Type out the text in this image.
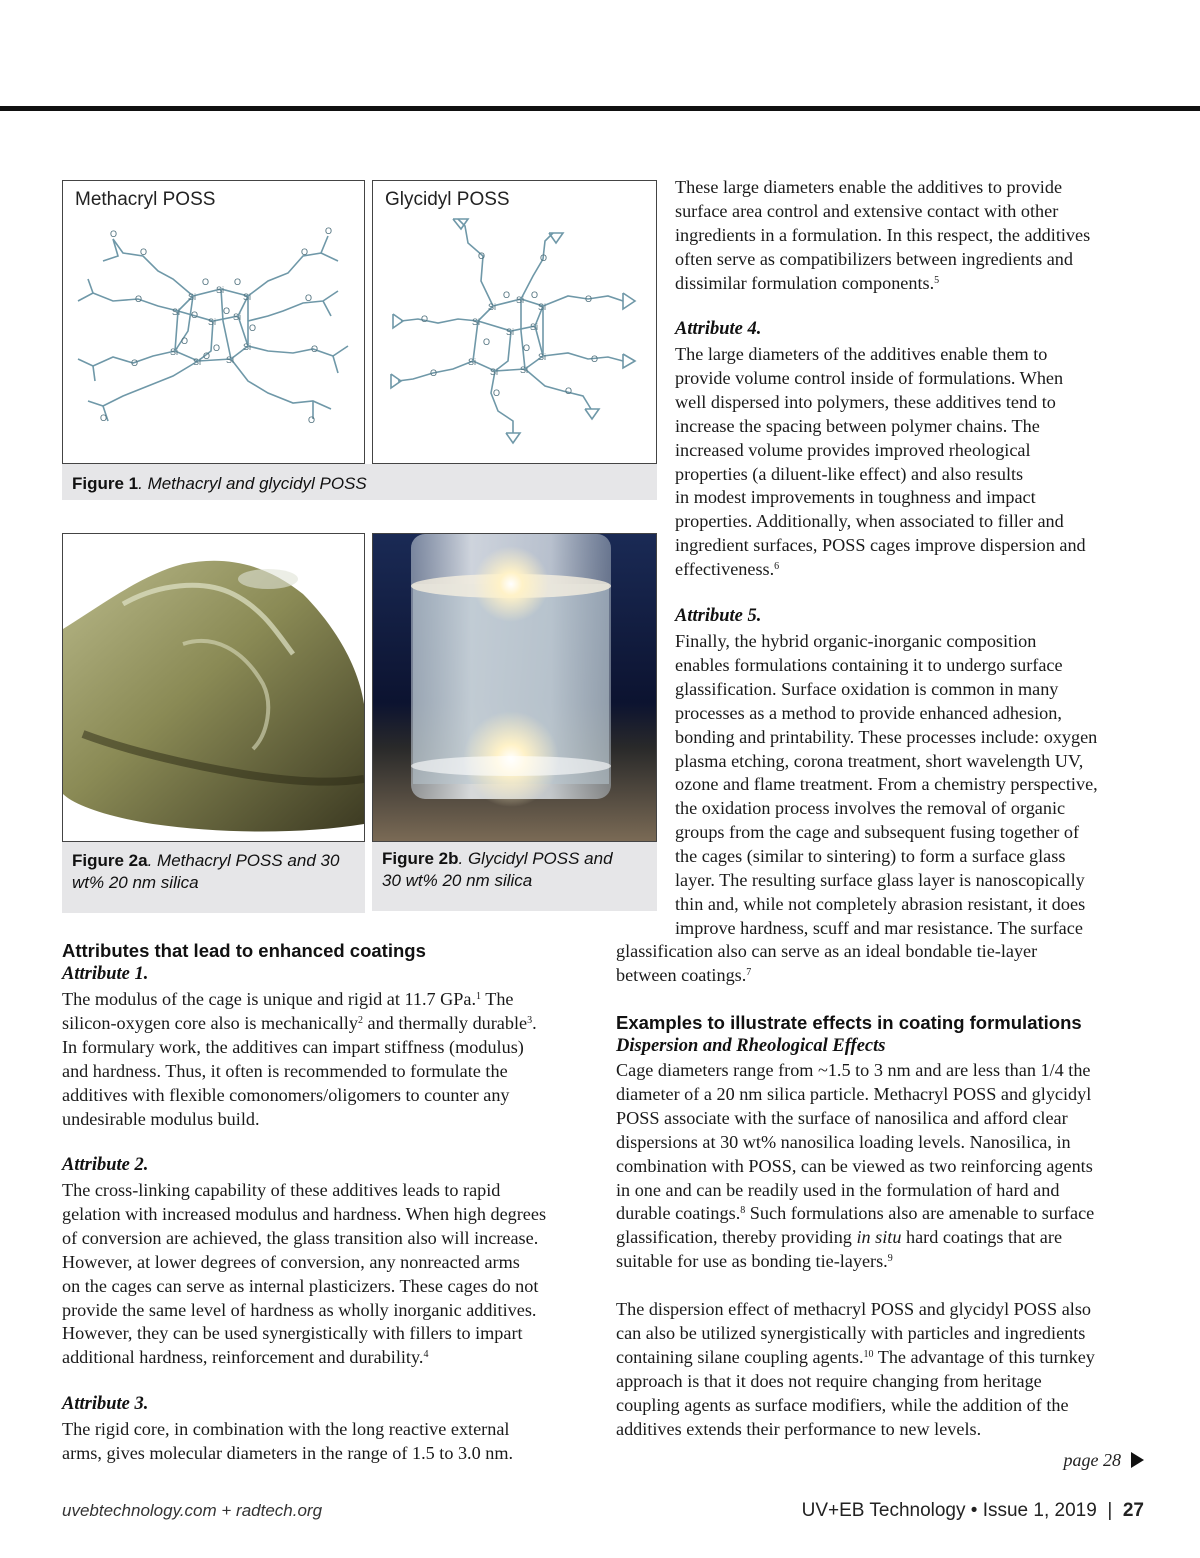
Methacryl POSS
Si
Si
Si
Si
Si Si
Si
Si	Si
Si
O	O
O	O
O
O
O
O
O	O
O	O
O	O
O
O
O	O
Glycidyl POSS
Si
Si
Si
Si
Si Si
Si
Si Si
Si
O O
O
O
O	O
O
O
O
O
O	O
Figure 1. Methacryl and glycidyl POSS
Figure 2a. Methacryl POSS and 30
wt% 20 nm silica
Figure 2b. Glycidyl POSS and
30 wt% 20 nm silica
Attributes that lead to enhanced coatings
Attribute 1.
The modulus of the cage is unique and rigid at 11.7 GPa.$^1$ The
silicon-oxygen core also is mechanically$^2$ and thermally durable$^3$.
In formulary work, the additives can impart stiffness (modulus)
and hardness. Thus, it often is recommended to formulate the
additives with flexible comonomers/oligomers to counter any
undesirable modulus build.
Attribute 2.
The cross-linking capability of these additives leads to rapid
gelation with increased modulus and hardness. When high degrees
of conversion are achieved, the glass transition also will increase.
However, at lower degrees of conversion, any nonreacted arms
on the cages can serve as internal plasticizers. These cages do not
provide the same level of hardness as wholly inorganic additives.
However, they can be used synergistically with fillers to impart
additional hardness, reinforcement and durability.$^4$
Attribute 3.
The rigid core, in combination with the long reactive external
arms, gives molecular diameters in the range of 1.5 to 3.0 nm.
These large diameters enable the additives to provide
surface area control and extensive contact with other
ingredients in a formulation. In this respect, the additives
often serve as compatibilizers between ingredients and
dissimilar formulation components.$^5$
Attribute 4.
The large diameters of the additives enable them to
provide volume control inside of formulations. When
well dispersed into polymers, these additives tend to
increase the spacing between polymer chains. The
increased volume provides improved rheological
properties (a diluent-like effect) and also results
in modest improvements in toughness and impact
properties. Additionally, when associated to filler and
ingredient surfaces, POSS cages improve dispersion and
effectiveness.$^6$
Attribute 5.
Finally, the hybrid organic-inorganic composition
enables formulations containing it to undergo surface
glassification. Surface oxidation is common in many
processes as a method to provide enhanced adhesion,
bonding and printability. These processes include: oxygen
plasma etching, corona treatment, short wavelength UV,
ozone and flame treatment. From a chemistry perspective,
the oxidation process involves the removal of organic
groups from the cage and subsequent fusing together of
the cages (similar to sintering) to form a surface glass
layer. The resulting surface glass layer is nanoscopically
thin and, while not completely abrasion resistant, it does
improve hardness, scuff and mar resistance. The surface
glassification also can serve as an ideal bondable tie-layer
between coatings.$^7$
Examples to illustrate effects in coating formulations
Dispersion and Rheological Effects
Cage diameters range from ~1.5 to 3 nm and are less than 1/4 the
diameter of a 20 nm silica particle. Methacryl POSS and glycidyl
POSS associate with the surface of nanosilica and afford clear
dispersions at 30 wt% nanosilica loading levels. Nanosilica, in
combination with POSS, can be viewed as two reinforcing agents
in one and can be readily used in the formulation of hard and
durable coatings.$^8$ Such formulations also are amenable to surface
glassification, thereby providing in situ hard coatings that are
suitable for use as bonding tie-layers.$^9$
The dispersion effect of methacryl POSS and glycidyl POSS also
can also be utilized synergistically with particles and ingredients
containing silane coupling agents.$^{10}$ The advantage of this turnkey
approach is that it does not require changing from heritage
coupling agents as surface modifiers, while the addition of the
additives extends their performance to new levels.
page 28
uvebtechnology.com + radtech.org	UV+EB Technology • Issue 1, 2019  |  27
